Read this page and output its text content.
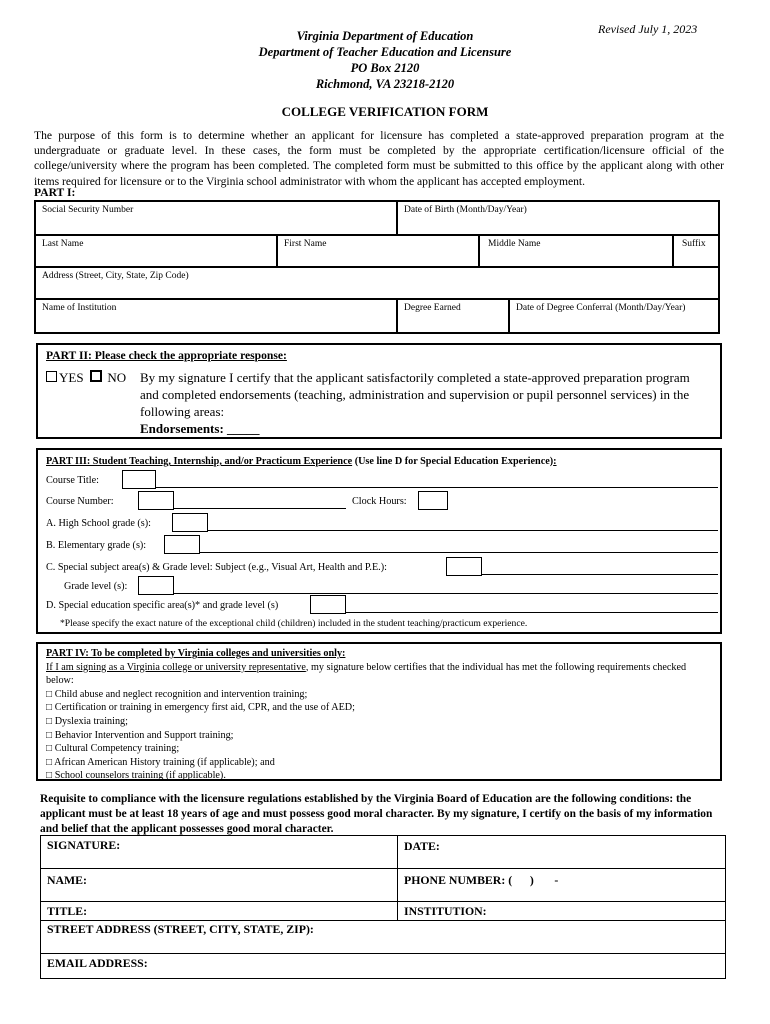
Revised July 1, 2023
Virginia Department of Education
Department of Teacher Education and Licensure
PO Box 2120
Richmond, VA 23218-2120
COLLEGE VERIFICATION FORM
The purpose of this form is to determine whether an applicant for licensure has completed a state-approved preparation program at the undergraduate or graduate level. In these cases, the form must be completed by the appropriate certification/licensure official of the college/university where the program has been completed. The completed form must be submitted to this office by the applicant along with other items required for licensure or to the Virginia school administrator with whom the applicant has accepted employment.
PART I:
Social Security Number	Date of Birth (Month/Day/Year)
Last Name	First Name	Middle Name	Suffix
Address (Street, City, State, Zip Code)
Name of Institution	Degree Earned	Date of Degree Conferral (Month/Day/Year)
PART II: Please check the appropriate response:
YES NO By my signature I certify that the applicant satisfactorily completed a state-approved preparation program and completed endorsements (teaching, administration and supervision or pupil personnel services) in the following areas:
Endorsements: _____
PART III: Student Teaching, Internship, and/or Practicum Experience (Use line D for Special Education Experience):
Course Title:
Course Number:	Clock Hours:
A. High School grade (s):
B. Elementary grade (s):
C. Special subject area(s) & Grade level: Subject (e.g., Visual Art, Health and P.E.):
Grade level (s):
D. Special education specific area(s)* and grade level (s)
*Please specify the exact nature of the exceptional child (children) included in the student teaching/practicum experience.
PART IV: To be completed by Virginia colleges and universities only:
If I am signing as a Virginia college or university representative, my signature below certifies that the individual has met the following requirements checked below:
□ Child abuse and neglect recognition and intervention training;
□ Certification or training in emergency first aid, CPR, and the use of AED;
□ Dyslexia training;
□ Behavior Intervention and Support training;
□ Cultural Competency training;
□ African American History training (if applicable); and
□ School counselors training (if applicable).
Requisite to compliance with the licensure regulations established by the Virginia Board of Education are the following conditions: the applicant must be at least 18 years of age and must possess good moral character. By my signature, I certify on the basis of my information and belief that the applicant possesses good moral character.
SIGNATURE:	DATE:
NAME:	PHONE NUMBER: (      )       -
TITLE:	INSTITUTION:
STREET ADDRESS (STREET, CITY, STATE, ZIP):
EMAIL ADDRESS:
